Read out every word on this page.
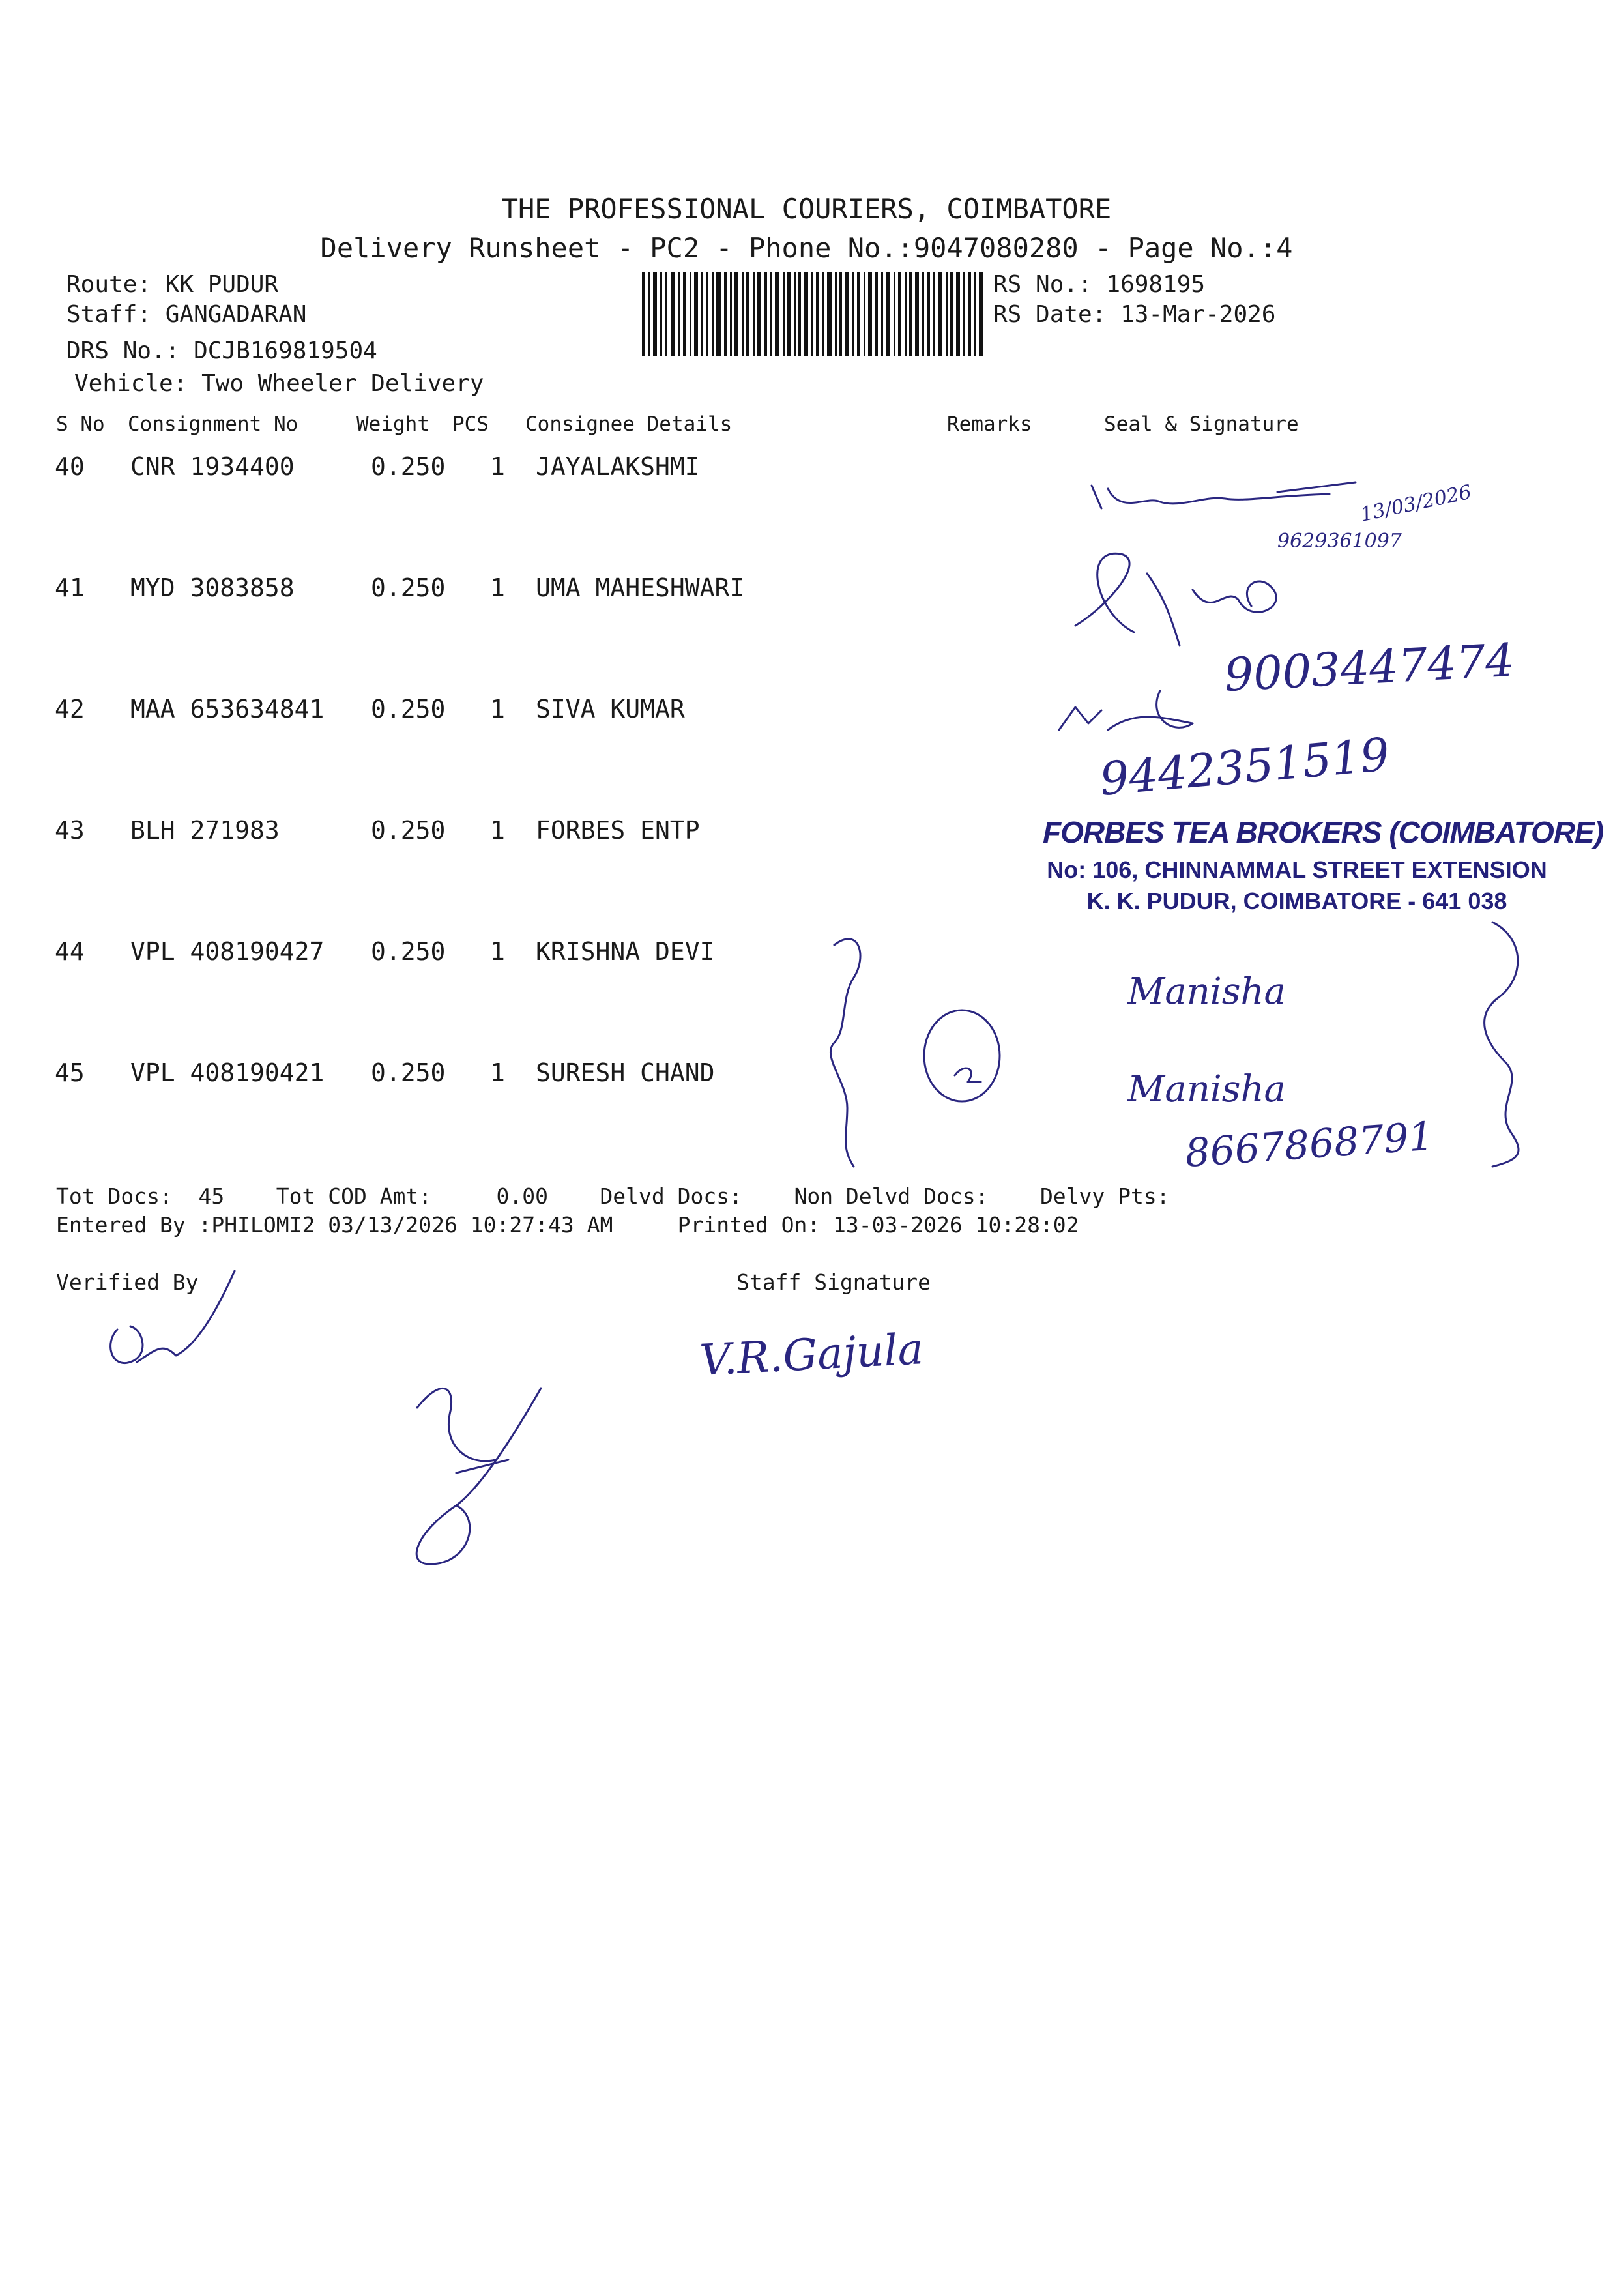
THE PROFESSIONAL COURIERS, COIMBATORE
Delivery Runsheet - PC2 - Phone No.:9047080280 - Page No.:4
Route: KK PUDUR
Staff: GANGADARAN
DRS No.: DCJB169819504
Vehicle: Two Wheeler Delivery
RS No.: 1698195
RS Date: 13-Mar-2026
S No Consignment No	Weight PCS Consignee Details	Remarks	Seal & Signature
40 CNR 1934400	0.250 1 JAYALAKSHMI
41 MYD 3083858	0.250 1 UMA MAHESHWARI
42 MAA 653634841 0.250 1 SIVA KUMAR
43 BLH 271983	0.250 1 FORBES ENTP
44 VPL 408190427 0.250 1 KRISHNA DEVI
45 VPL 408190421 0.250 1 SURESH CHAND
FORBES TEA BROKERS (COIMBATORE)
No: 106, CHINNAMMAL STREET EXTENSION
K. K. PUDUR, COIMBATORE - 641 038
13/03/2026
9629361097
9003447474
9442351519
Manisha
Manisha
8667868791
V.R.Gajula
Tot Docs:  45    Tot COD Amt:     0.00    Delvd Docs:    Non Delvd Docs:    Delvy Pts:
Entered By :PHILOMI2 03/13/2026 10:27:43 AM     Printed On: 13-03-2026 10:28:02
Verified By	Staff Signature
